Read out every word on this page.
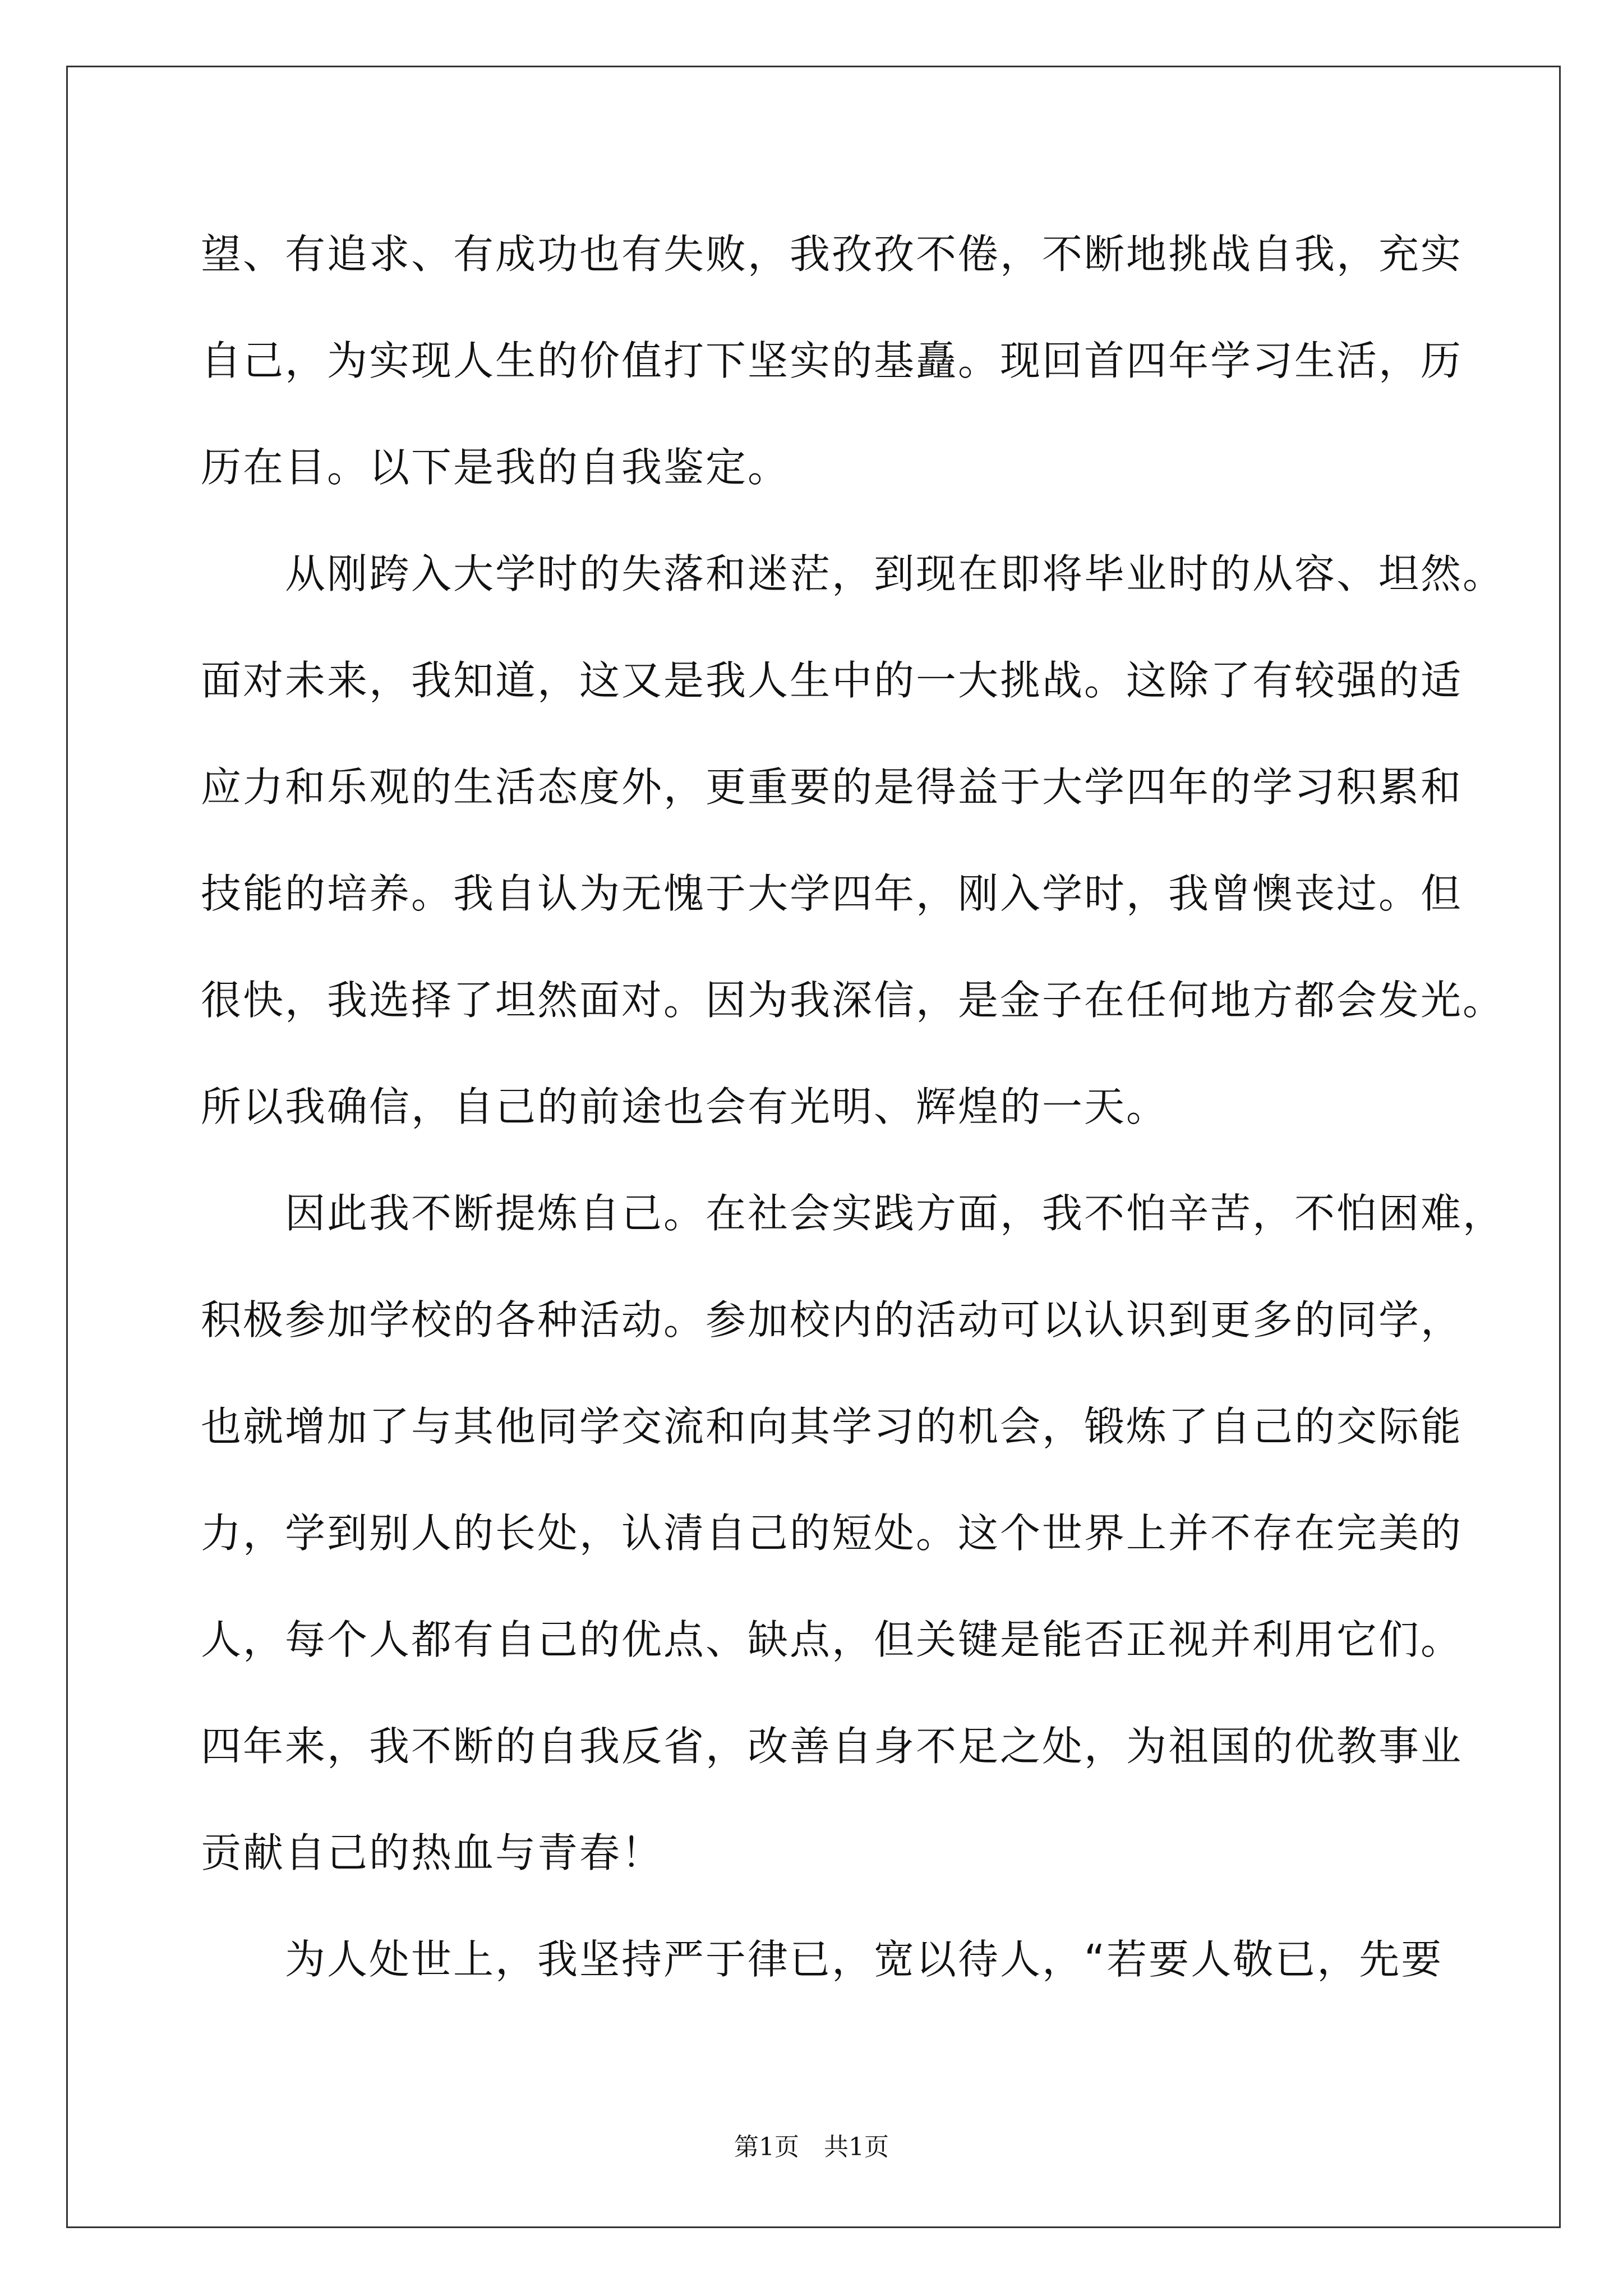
望、有追求、有成功也有失败，我孜孜不倦，不断地挑战自我，充实
自己，为实现人生的价值打下坚实的基矗。现回首四年学习生活，历
历在目。以下是我的自我鉴定。
　　从刚跨入大学时的失落和迷茫，到现在即将毕业时的从容、坦然。
面对未来，我知道，这又是我人生中的一大挑战。这除了有较强的适
应力和乐观的生活态度外，更重要的是得益于大学四年的学习积累和
技能的培养。我自认为无愧于大学四年，刚入学时，我曾懊丧过。但
很快，我选择了坦然面对。因为我深信，是金子在任何地方都会发光。
所以我确信，自己的前途也会有光明、辉煌的一天。
　　因此我不断提炼自己。在社会实践方面，我不怕辛苦，不怕困难，
积极参加学校的各种活动。参加校内的活动可以认识到更多的同学，
也就增加了与其他同学交流和向其学习的机会，锻炼了自己的交际能
力，学到别人的长处，认清自己的短处。这个世界上并不存在完美的
人，每个人都有自己的优点、缺点，但关键是能否正视并利用它们。
四年来，我不断的自我反省，改善自身不足之处，为祖国的优教事业
贡献自己的热血与青春！
　　为人处世上，我坚持严于律已，宽以待人，“若要人敬已，先要
第1页　共1页
